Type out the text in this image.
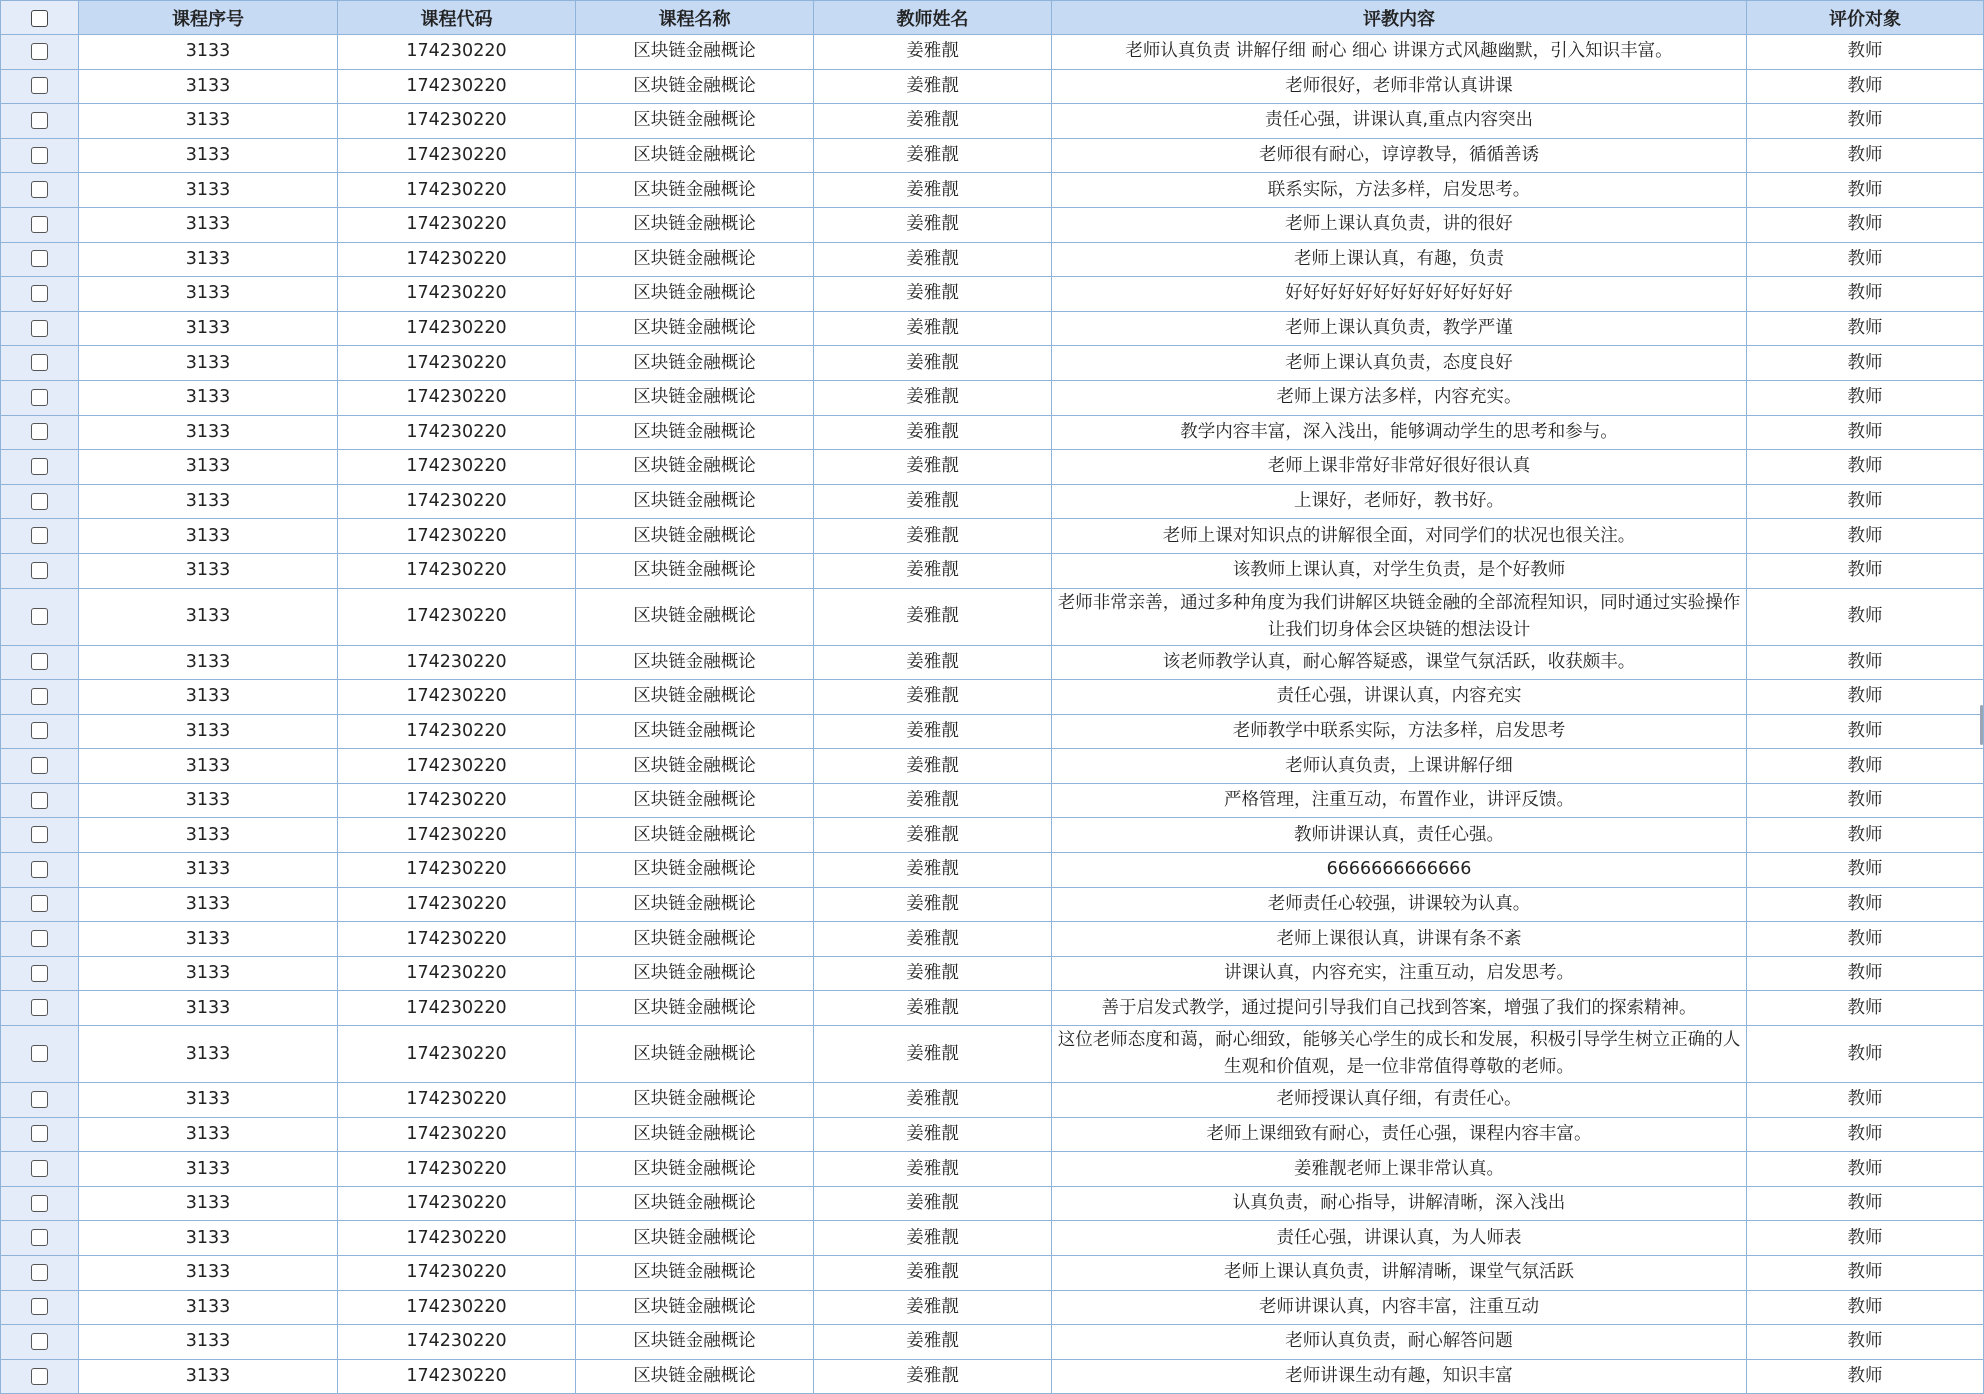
	课程序号	课程代码	课程名称	教师姓名	评教内容	评价对象
	3133	174230220	区块链金融概论	姜雅靓	老师认真负责 讲解仔细 耐心 细心 讲课方式风趣幽默，引入知识丰富。	教师
	3133	174230220	区块链金融概论	姜雅靓	老师很好，老师非常认真讲课	教师
	3133	174230220	区块链金融概论	姜雅靓	责任心强，讲课认真,重点内容突出	教师
	3133	174230220	区块链金融概论	姜雅靓	老师很有耐心，谆谆教导，循循善诱	教师
	3133	174230220	区块链金融概论	姜雅靓	联系实际，方法多样，启发思考。	教师
	3133	174230220	区块链金融概论	姜雅靓	老师上课认真负责，讲的很好	教师
	3133	174230220	区块链金融概论	姜雅靓	老师上课认真，有趣，负责	教师
	3133	174230220	区块链金融概论	姜雅靓	好好好好好好好好好好好好好	教师
	3133	174230220	区块链金融概论	姜雅靓	老师上课认真负责，教学严谨	教师
	3133	174230220	区块链金融概论	姜雅靓	老师上课认真负责，态度良好	教师
	3133	174230220	区块链金融概论	姜雅靓	老师上课方法多样，内容充实。	教师
	3133	174230220	区块链金融概论	姜雅靓	教学内容丰富，深入浅出，能够调动学生的思考和参与。	教师
	3133	174230220	区块链金融概论	姜雅靓	老师上课非常好非常好很好很认真	教师
	3133	174230220	区块链金融概论	姜雅靓	上课好，老师好，教书好。	教师
	3133	174230220	区块链金融概论	姜雅靓	老师上课对知识点的讲解很全面，对同学们的状况也很关注。	教师
	3133	174230220	区块链金融概论	姜雅靓	该教师上课认真，对学生负责，是个好教师	教师
	3133	174230220	区块链金融概论	姜雅靓	老师非常亲善，通过多种角度为我们讲解区块链金融的全部流程知识，同时通过实验操作让我们切身体会区块链的想法设计	教师
	3133	174230220	区块链金融概论	姜雅靓	该老师教学认真，耐心解答疑惑，课堂气氛活跃，收获颇丰。	教师
	3133	174230220	区块链金融概论	姜雅靓	责任心强，讲课认真，内容充实	教师
	3133	174230220	区块链金融概论	姜雅靓	老师教学中联系实际，方法多样，启发思考	教师
	3133	174230220	区块链金融概论	姜雅靓	老师认真负责，上课讲解仔细	教师
	3133	174230220	区块链金融概论	姜雅靓	严格管理，注重互动，布置作业，讲评反馈。	教师
	3133	174230220	区块链金融概论	姜雅靓	教师讲课认真，责任心强。	教师
	3133	174230220	区块链金融概论	姜雅靓	6666666666666	教师
	3133	174230220	区块链金融概论	姜雅靓	老师责任心较强，讲课较为认真。	教师
	3133	174230220	区块链金融概论	姜雅靓	老师上课很认真，讲课有条不紊	教师
	3133	174230220	区块链金融概论	姜雅靓	讲课认真，内容充实，注重互动，启发思考。	教师
	3133	174230220	区块链金融概论	姜雅靓	善于启发式教学，通过提问引导我们自己找到答案，增强了我们的探索精神。	教师
	3133	174230220	区块链金融概论	姜雅靓	这位老师态度和蔼，耐心细致，能够关心学生的成长和发展，积极引导学生树立正确的人生观和价值观，是一位非常值得尊敬的老师。	教师
	3133	174230220	区块链金融概论	姜雅靓	老师授课认真仔细，有责任心。	教师
	3133	174230220	区块链金融概论	姜雅靓	老师上课细致有耐心，责任心强，课程内容丰富。	教师
	3133	174230220	区块链金融概论	姜雅靓	姜雅靓老师上课非常认真。	教师
	3133	174230220	区块链金融概论	姜雅靓	认真负责，耐心指导，讲解清晰，深入浅出	教师
	3133	174230220	区块链金融概论	姜雅靓	责任心强，讲课认真，为人师表	教师
	3133	174230220	区块链金融概论	姜雅靓	老师上课认真负责，讲解清晰，课堂气氛活跃	教师
	3133	174230220	区块链金融概论	姜雅靓	老师讲课认真，内容丰富，注重互动	教师
	3133	174230220	区块链金融概论	姜雅靓	老师认真负责，耐心解答问题	教师
	3133	174230220	区块链金融概论	姜雅靓	老师讲课生动有趣，知识丰富	教师
